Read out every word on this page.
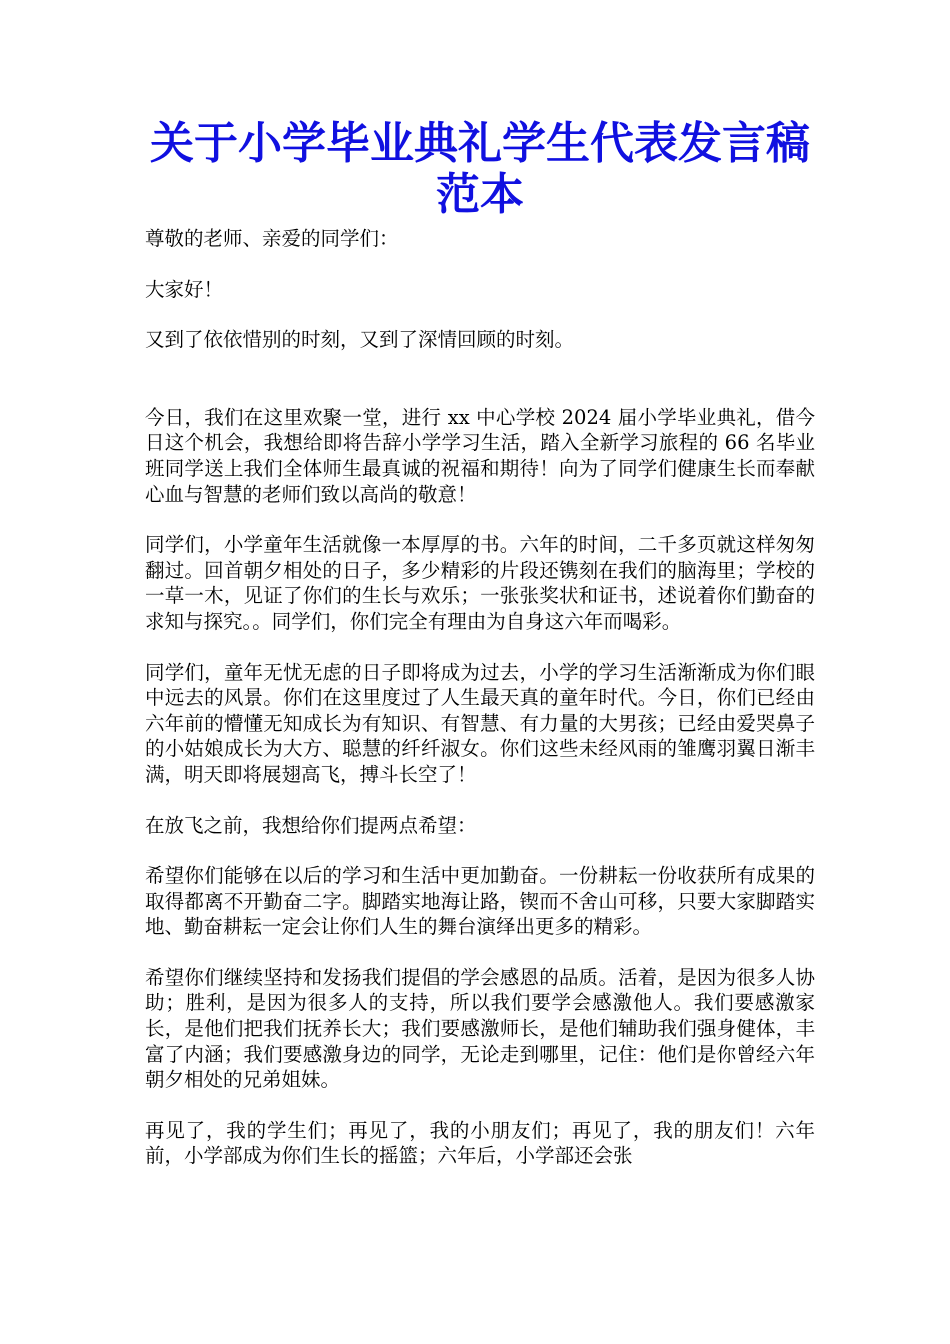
关于小学毕业典礼学生代表发言稿
范本

尊敬的老师、亲爱的同学们：

大家好！

又到了依依惜别的时刻，又到了深情回顾的时刻。

今日，我们在这里欢聚一堂，进行 xx 中心学校 2024 届小学毕业典礼，借今日这个机会，我想给即将告辞小学学习生活，踏入全新学习旅程的 66 名毕业班同学送上我们全体师生最真诚的祝福和期待！向为了同学们健康生长而奉献心血与智慧的老师们致以高尚的敬意！

同学们，小学童年生活就像一本厚厚的书。六年的时间，二千多页就这样匆匆翻过。回首朝夕相处的日子，多少精彩的片段还镌刻在我们的脑海里；学校的一草一木，见证了你们的生长与欢乐；一张张奖状和证书，述说着你们勤奋的求知与探究。。同学们，你们完全有理由为自身这六年而喝彩。

同学们，童年无忧无虑的日子即将成为过去，小学的学习生活渐渐成为你们眼中远去的风景。你们在这里度过了人生最天真的童年时代。今日，你们已经由六年前的懵懂无知成长为有知识、有智慧、有力量的大男孩；已经由爱哭鼻子的小姑娘成长为大方、聪慧的纤纤淑女。你们这些未经风雨的雏鹰羽翼日渐丰满，明天即将展翅高飞，搏斗长空了！

在放飞之前，我想给你们提两点希望：

希望你们能够在以后的学习和生活中更加勤奋。一份耕耘一份收获所有成果的取得都离不开勤奋二字。脚踏实地海让路，锲而不舍山可移，只要大家脚踏实地、勤奋耕耘一定会让你们人生的舞台演绎出更多的精彩。

希望你们继续坚持和发扬我们提倡的学会感恩的品质。活着，是因为很多人协助；胜利，是因为很多人的支持，所以我们要学会感激他人。我们要感激家长，是他们把我们抚养长大；我们要感激师长，是他们辅助我们强身健体，丰富了内涵；我们要感激身边的同学，无论走到哪里，记住：他们是你曾经六年朝夕相处的兄弟姐妹。

再见了，我的学生们；再见了，我的小朋友们；再见了，我的朋友们！六年前，小学部成为你们生长的摇篮；六年后，小学部还会张
